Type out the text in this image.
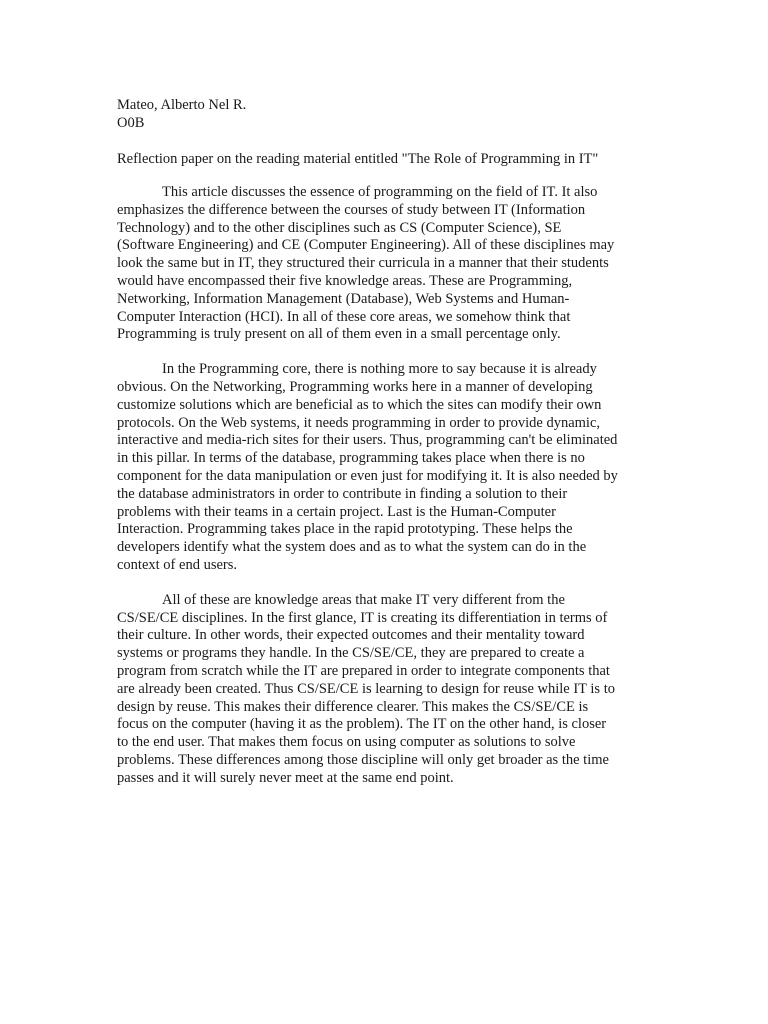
Mateo, Alberto Nel R.

O0B

Reflection paper on the reading material entitled "The Role of Programming in IT"

This article discusses the essence of programming on the field of IT. It also
emphasizes the difference between the courses of study between IT (Information
Technology) and to the other disciplines such as CS (Computer Science), SE
(Software Engineering) and CE (Computer Engineering). All of these disciplines may
look the same but in IT, they structured their curricula in a manner that their students
would have encompassed their five knowledge areas. These are Programming,
Networking, Information Management (Database), Web Systems and Human-
Computer Interaction (HCI). In all of these core areas, we somehow think that
Programming is truly present on all of them even in a small percentage only.
In the Programming core, there is nothing more to say because it is already
obvious. On the Networking, Programming works here in a manner of developing
customize solutions which are beneficial as to which the sites can modify their own
protocols. On the Web systems, it needs programming in order to provide dynamic,
interactive and media-rich sites for their users. Thus, programming can't be eliminated
in this pillar. In terms of the database, programming takes place when there is no
component for the data manipulation or even just for modifying it. It is also needed by
the database administrators in order to contribute in finding a solution to their
problems with their teams in a certain project. Last is the Human-Computer
Interaction. Programming takes place in the rapid prototyping. These helps the
developers identify what the system does and as to what the system can do in the
context of end users.
All of these are knowledge areas that make IT very different from the
CS/SE/CE disciplines. In the first glance, IT is creating its differentiation in terms of
their culture. In other words, their expected outcomes and their mentality toward
systems or programs they handle. In the CS/SE/CE, they are prepared to create a
program from scratch while the IT are prepared in order to integrate components that
are already been created. Thus CS/SE/CE is learning to design for reuse while IT is to
design by reuse. This makes their difference clearer. This makes the CS/SE/CE is
focus on the computer (having it as the problem). The IT on the other hand, is closer
to the end user. That makes them focus on using computer as solutions to solve
problems. These differences among those discipline will only get broader as the time
passes and it will surely never meet at the same end point.
